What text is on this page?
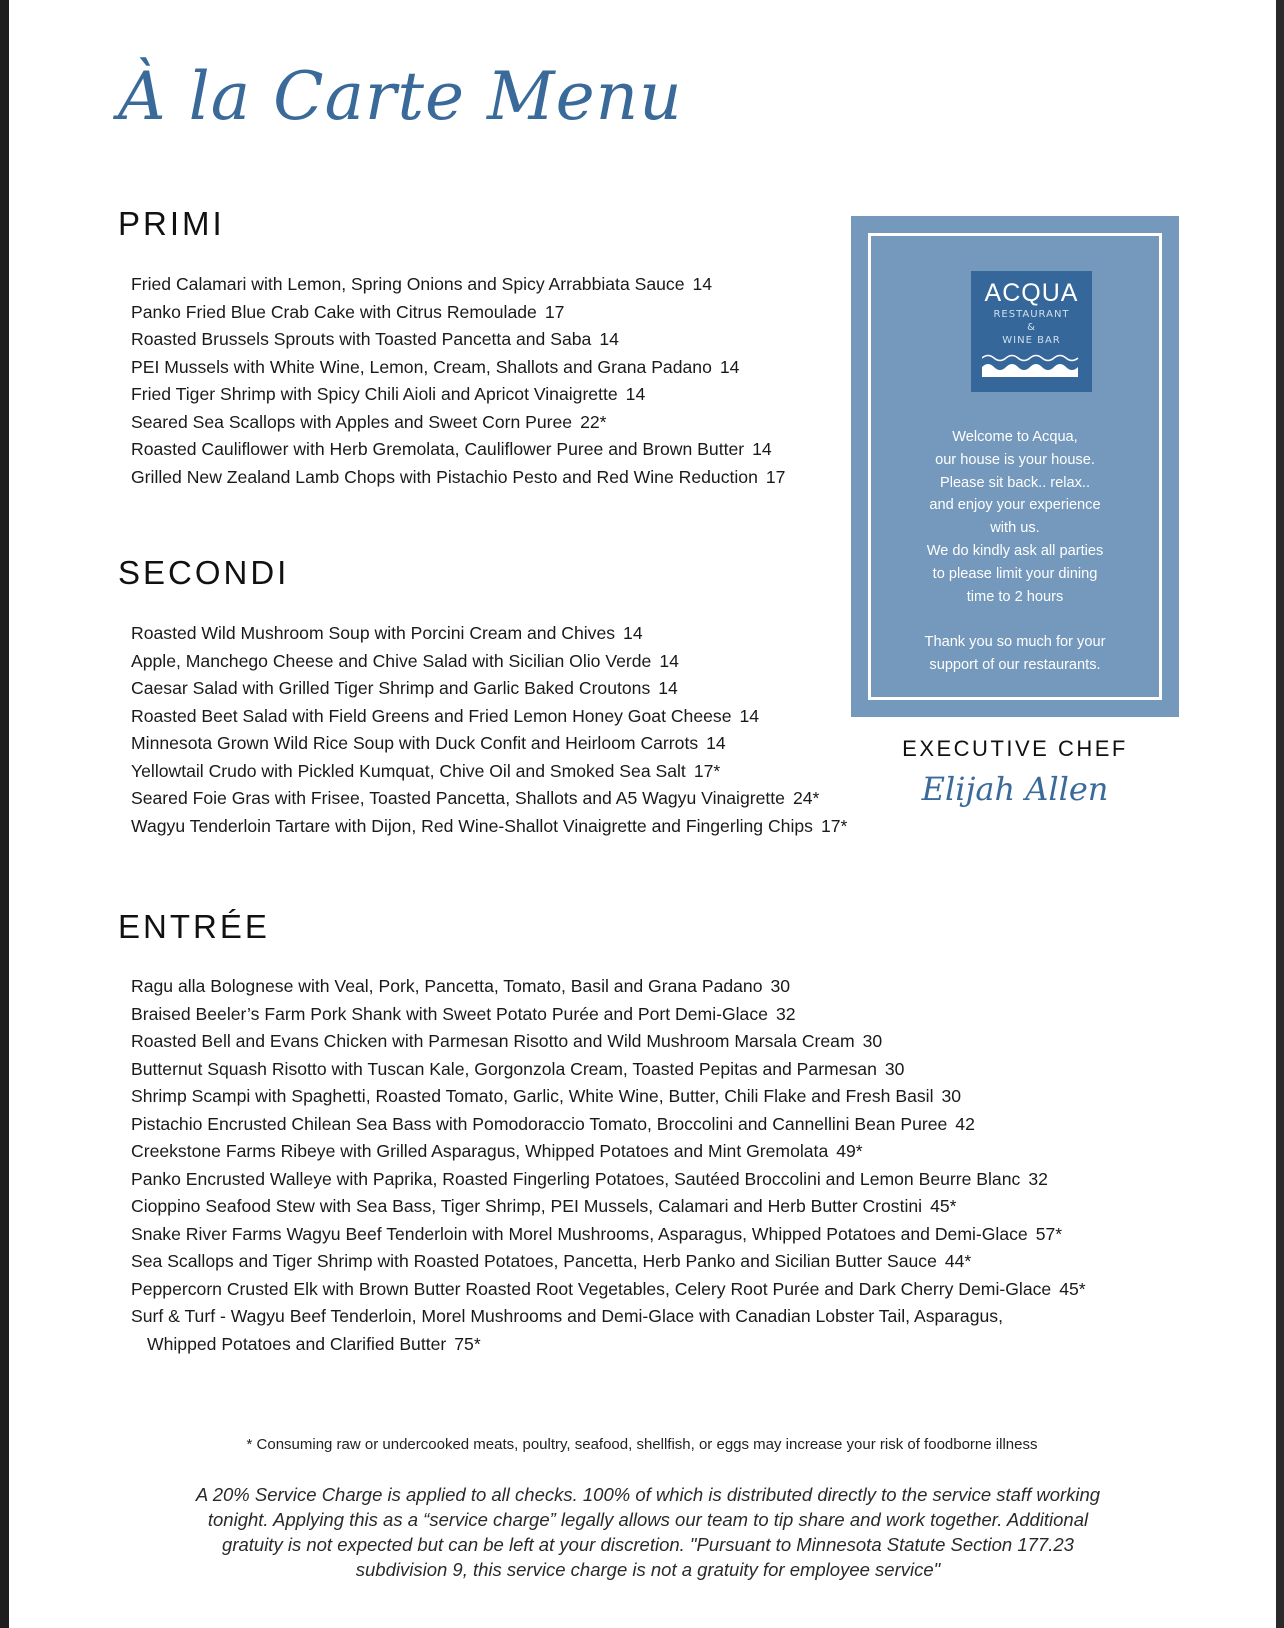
À la Carte Menu
PRIMI
Fried Calamari with Lemon, Spring Onions and Spicy Arrabbiata Sauce 14
Panko Fried Blue Crab Cake with Citrus Remoulade 17
Roasted Brussels Sprouts with Toasted Pancetta and Saba 14
PEI Mussels with White Wine, Lemon, Cream, Shallots and Grana Padano 14
Fried Tiger Shrimp with Spicy Chili Aioli and Apricot Vinaigrette 14
Seared Sea Scallops with Apples and Sweet Corn Puree 22*
Roasted Cauliflower with Herb Gremolata, Cauliflower Puree and Brown Butter 14
Grilled New Zealand Lamb Chops with Pistachio Pesto and Red Wine Reduction 17
SECONDI
Roasted Wild Mushroom Soup with Porcini Cream and Chives 14
Apple, Manchego Cheese and Chive Salad with Sicilian Olio Verde 14
Caesar Salad with Grilled Tiger Shrimp and Garlic Baked Croutons 14
Roasted Beet Salad with Field Greens and Fried Lemon Honey Goat Cheese 14
Minnesota Grown Wild Rice Soup with Duck Confit and Heirloom Carrots 14
Yellowtail Crudo with Pickled Kumquat, Chive Oil and Smoked Sea Salt 17*
Seared Foie Gras with Frisee, Toasted Pancetta, Shallots and A5 Wagyu Vinaigrette 24*
Wagyu Tenderloin Tartare with Dijon, Red Wine-Shallot Vinaigrette and Fingerling Chips 17*
ENTRÉE
Ragu alla Bolognese with Veal, Pork, Pancetta, Tomato, Basil and Grana Padano 30
Braised Beeler’s Farm Pork Shank with Sweet Potato Purée and Port Demi-Glace 32
Roasted Bell and Evans Chicken with Parmesan Risotto and Wild Mushroom Marsala Cream 30
Butternut Squash Risotto with Tuscan Kale, Gorgonzola Cream, Toasted Pepitas and Parmesan 30
Shrimp Scampi with Spaghetti, Roasted Tomato, Garlic, White Wine, Butter, Chili Flake and Fresh Basil 30
Pistachio Encrusted Chilean Sea Bass with Pomodoraccio Tomato, Broccolini and Cannellini Bean Puree 42
Creekstone Farms Ribeye with Grilled Asparagus, Whipped Potatoes and Mint Gremolata 49*
Panko Encrusted Walleye with Paprika, Roasted Fingerling Potatoes, Sautéed Broccolini and Lemon Beurre Blanc 32
Cioppino Seafood Stew with Sea Bass, Tiger Shrimp, PEI Mussels, Calamari and Herb Butter Crostini 45*
Snake River Farms Wagyu Beef Tenderloin with Morel Mushrooms, Asparagus, Whipped Potatoes and Demi-Glace 57*
Sea Scallops and Tiger Shrimp with Roasted Potatoes, Pancetta, Herb Panko and Sicilian Butter Sauce 44*
Peppercorn Crusted Elk with Brown Butter Roasted Root Vegetables, Celery Root Purée and Dark Cherry Demi-Glace 45*
Surf & Turf - Wagyu Beef Tenderloin, Morel Mushrooms and Demi-Glace with Canadian Lobster Tail, Asparagus,
Whipped Potatoes and Clarified Butter 75*
ACQUA
RESTAURANT
&
WINE BAR
Welcome to Acqua,
our house is your house.
Please sit back.. relax..
and enjoy your experience
with us.
We do kindly ask all parties
to please limit your dining
time to 2 hours
Thank you so much for your
support of our restaurants.
EXECUTIVE CHEF
Elijah Allen
* Consuming raw or undercooked meats, poultry, seafood, shellfish, or eggs may increase your risk of foodborne illness
A 20% Service Charge is applied to all checks. 100% of which is distributed directly to the service staff working tonight. Applying this as a “service charge” legally allows our team to tip share and work together. Additional gratuity is not expected but can be left at your discretion. "Pursuant to Minnesota Statute Section 177.23 subdivision 9, this service charge is not a gratuity for employee service"
